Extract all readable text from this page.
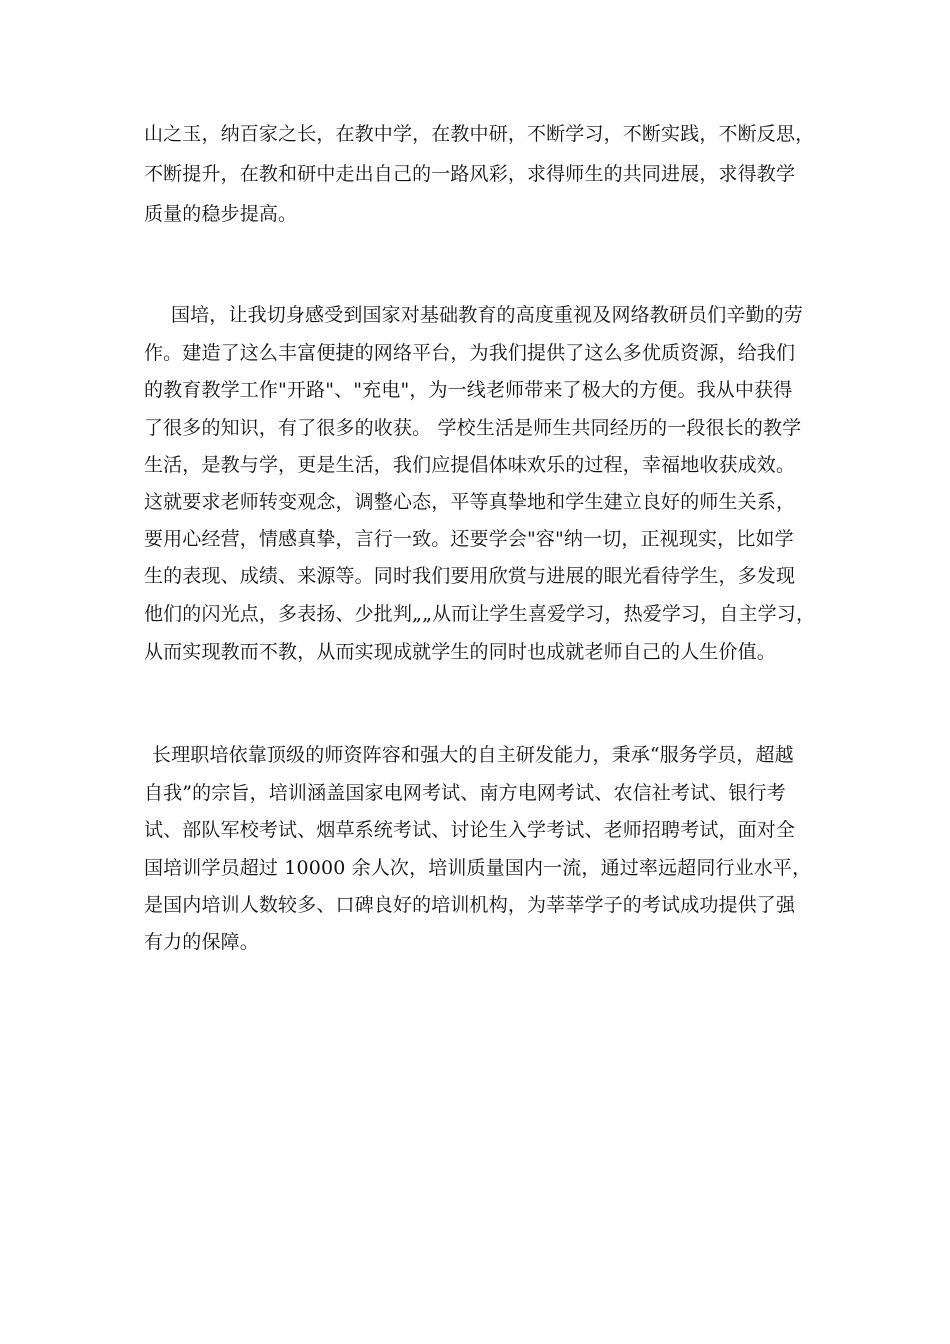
山之玉，纳百家之长，在教中学，在教中研，不断学习，不断实践，不断反思，
不断提升，在教和研中走出自己的一路风彩，求得师生的共同进展，求得教学
质量的稳步提高。
国培，让我切身感受到国家对基础教育的高度重视及网络教研员们辛勤的劳
作。建造了这么丰富便捷的网络平台，为我们提供了这么多优质资源，给我们
的教育教学工作"开路"、"充电"，为一线老师带来了极大的方便。我从中获得
了很多的知识，有了很多的收获。 学校生活是师生共同经历的一段很长的教学
生活，是教与学，更是生活，我们应提倡体味欢乐的过程，幸福地收获成效。
这就要求老师转变观念，调整心态，平等真挚地和学生建立良好的师生关系，
要用心经营，情感真挚，言行一致。还要学会"容"纳一切，正视现实，比如学
生的表现、成绩、来源等。同时我们要用欣赏与进展的眼光看待学生，多发现
他们的闪光点，多表扬、少批判„„从而让学生喜爱学习，热爱学习，自主学习，
从而实现教而不教，从而实现成就学生的同时也成就老师自己的人生价值。
长理职培依靠顶级的师资阵容和强大的自主研发能力，秉承“服务学员，超越
自我”的宗旨，培训涵盖国家电网考试、南方电网考试、农信社考试、银行考
试、部队军校考试、烟草系统考试、讨论生入学考试、老师招聘考试，面对全
国培训学员超过 10000 余人次，培训质量国内一流，通过率远超同行业水平，
是国内培训人数较多、口碑良好的培训机构，为莘莘学子的考试成功提供了强
有力的保障。
